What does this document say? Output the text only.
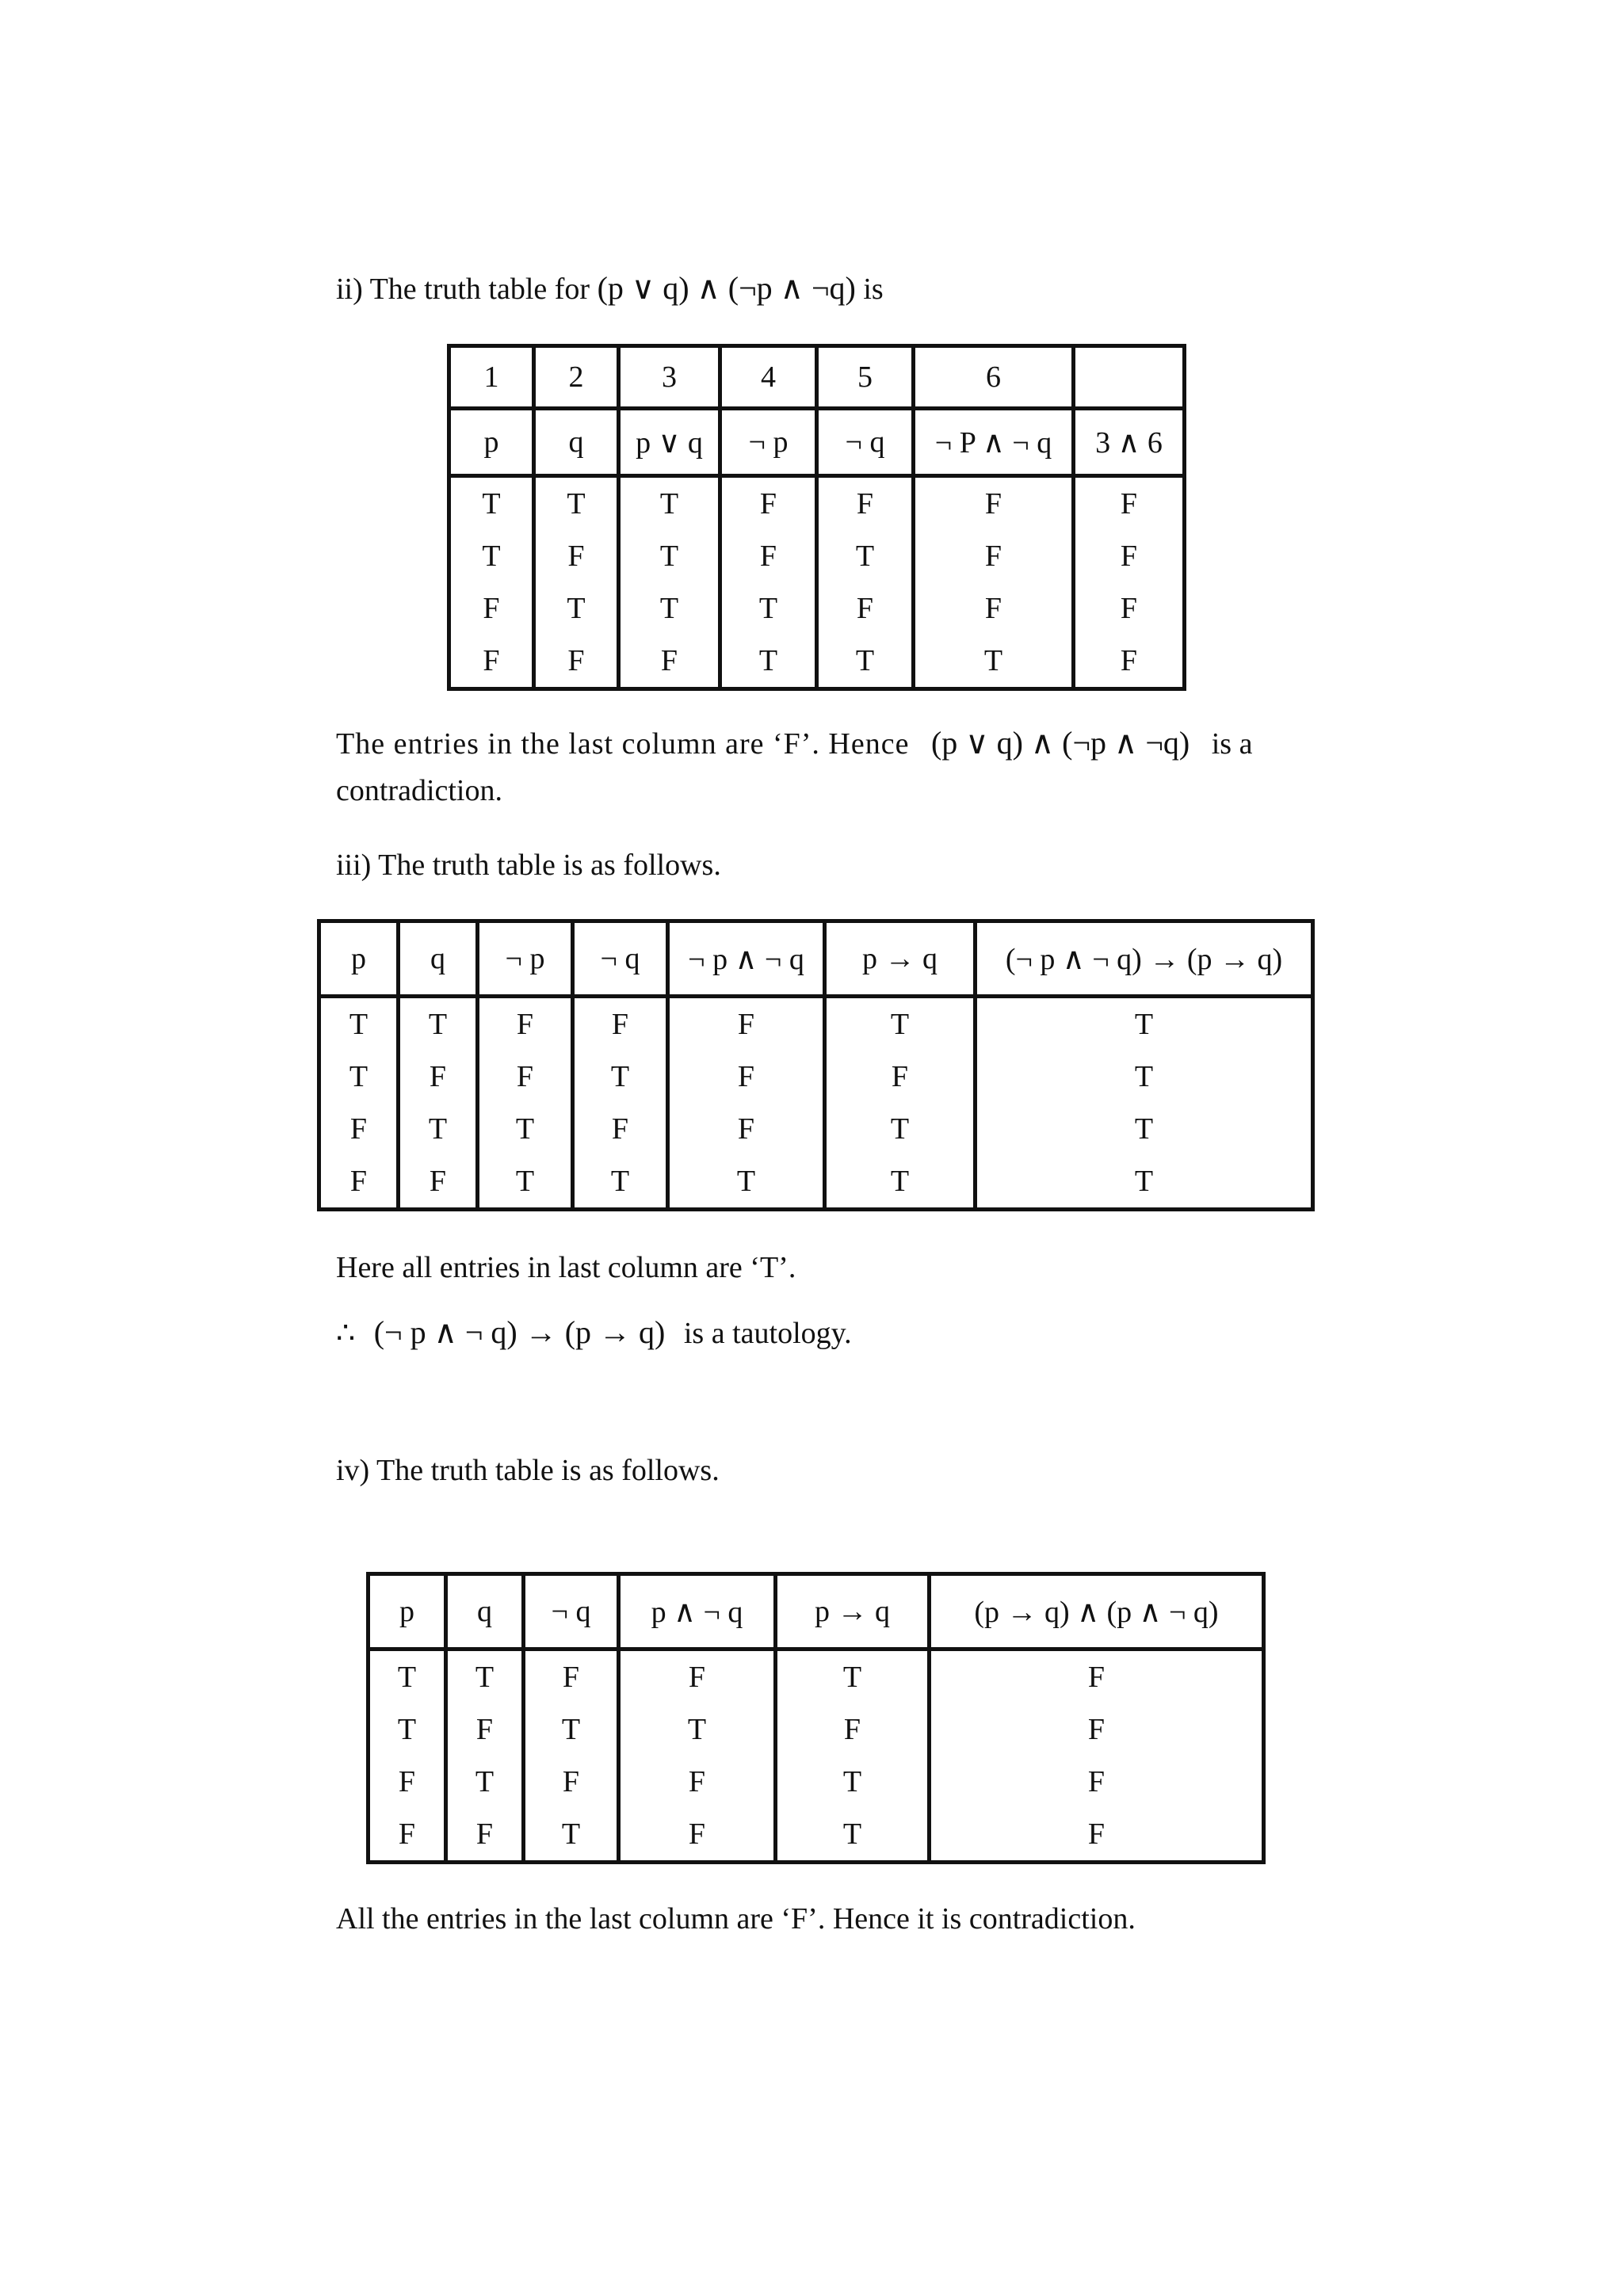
ii) The truth table for (p ∨ q) ∧ (¬p ∧ ¬q) is
1	2	3	4	5	6	
p	q	p ∨ q	¬ p	¬ q	¬ P ∧ ¬ q	3 ∧ 6
T	T	T	F	F	F	F
T	F	T	F	T	F	F
F	T	T	T	F	F	F
F	F	F	T	T	T	F
The entries in the last column are ‘F’. Hence (p ∨ q) ∧ (¬p ∧ ¬q) is a
contradiction.
iii) The truth table is as follows.
p	q	¬ p	¬ q	¬ p ∧ ¬ q	p → q	(¬ p ∧ ¬ q) → (p → q)
T	T	F	F	F	T	T
T	F	F	T	F	F	T
F	T	T	F	F	T	T
F	F	T	T	T	T	T
Here all entries in last column are ‘T’.
∴ (¬ p ∧ ¬ q) → (p → q) is a tautology.
iv) The truth table is as follows.
p	q	¬ q	p ∧ ¬ q	p → q	(p → q) ∧ (p ∧ ¬ q)
T	T	F	F	T	F
T	F	T	T	F	F
F	T	F	F	T	F
F	F	T	F	T	F
All the entries in the last column are ‘F’. Hence it is contradiction.
